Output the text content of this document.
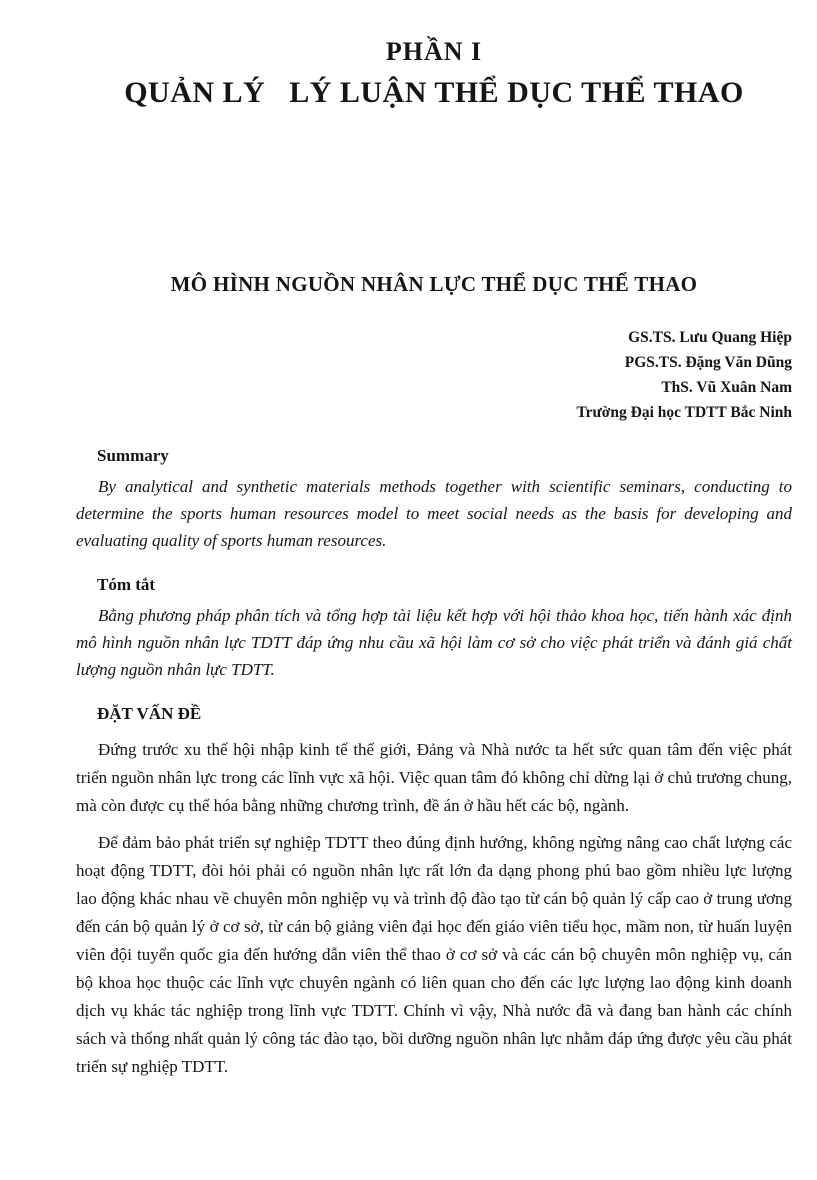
PHẦN I
QUẢN LÝ   LÝ LUẬN THỂ DỤC THỂ THAO
MÔ HÌNH NGUỒN NHÂN LỰC THỂ DỤC THỂ THAO
GS.TS. Lưu Quang Hiệp
PGS.TS. Đặng Văn Dũng
ThS. Vũ Xuân Nam
Trường Đại học TDTT Bắc Ninh
Summary

By analytical and synthetic materials methods together with scientific seminars, conducting to determine the sports human resources model to meet social needs as the basis for developing and evaluating quality of sports human resources.

Tóm tắt

Bằng phương pháp phân tích và tổng hợp tài liệu kết hợp với hội thảo khoa học, tiến hành xác định mô hình nguồn nhân lực TDTT đáp ứng nhu cầu xã hội làm cơ sở cho việc phát triển và đánh giá chất lượng nguồn nhân lực TDTT.

ĐẶT VẤN ĐỀ

Đứng trước xu thế hội nhập kinh tế thế giới, Đảng và Nhà nước ta hết sức quan tâm đến việc phát triển nguồn nhân lực trong các lĩnh vực xã hội. Việc quan tâm đó không chỉ dừng lại ở chủ trương chung, mà còn được cụ thể hóa bằng những chương trình, đề án ở hầu hết các bộ, ngành.

Để đảm bảo phát triển sự nghiệp TDTT theo đúng định hướng, không ngừng nâng cao chất lượng các hoạt động TDTT, đòi hỏi phải có nguồn nhân lực rất lớn đa dạng phong phú bao gồm nhiều lực lượng lao động khác nhau về chuyên môn nghiệp vụ và trình độ đào tạo từ cán bộ quản lý cấp cao ở trung ương đến cán bộ quản lý ở cơ sở, từ cán bộ giảng viên đại học đến giáo viên tiểu học, mầm non, từ huấn luyện viên đội tuyển quốc gia đến hướng dẫn viên thể thao ở cơ sở và các cán bộ chuyên môn nghiệp vụ, cán bộ khoa học thuộc các lĩnh vực chuyên ngành có liên quan cho đến các lực lượng lao động kinh doanh dịch vụ khác tác nghiệp trong lĩnh vực TDTT. Chính vì vậy, Nhà nước đã và đang ban hành các chính sách và thống nhất quản lý công tác đào tạo, bồi dưỡng nguồn nhân lực nhằm đáp ứng được yêu cầu phát triển sự nghiệp TDTT.
